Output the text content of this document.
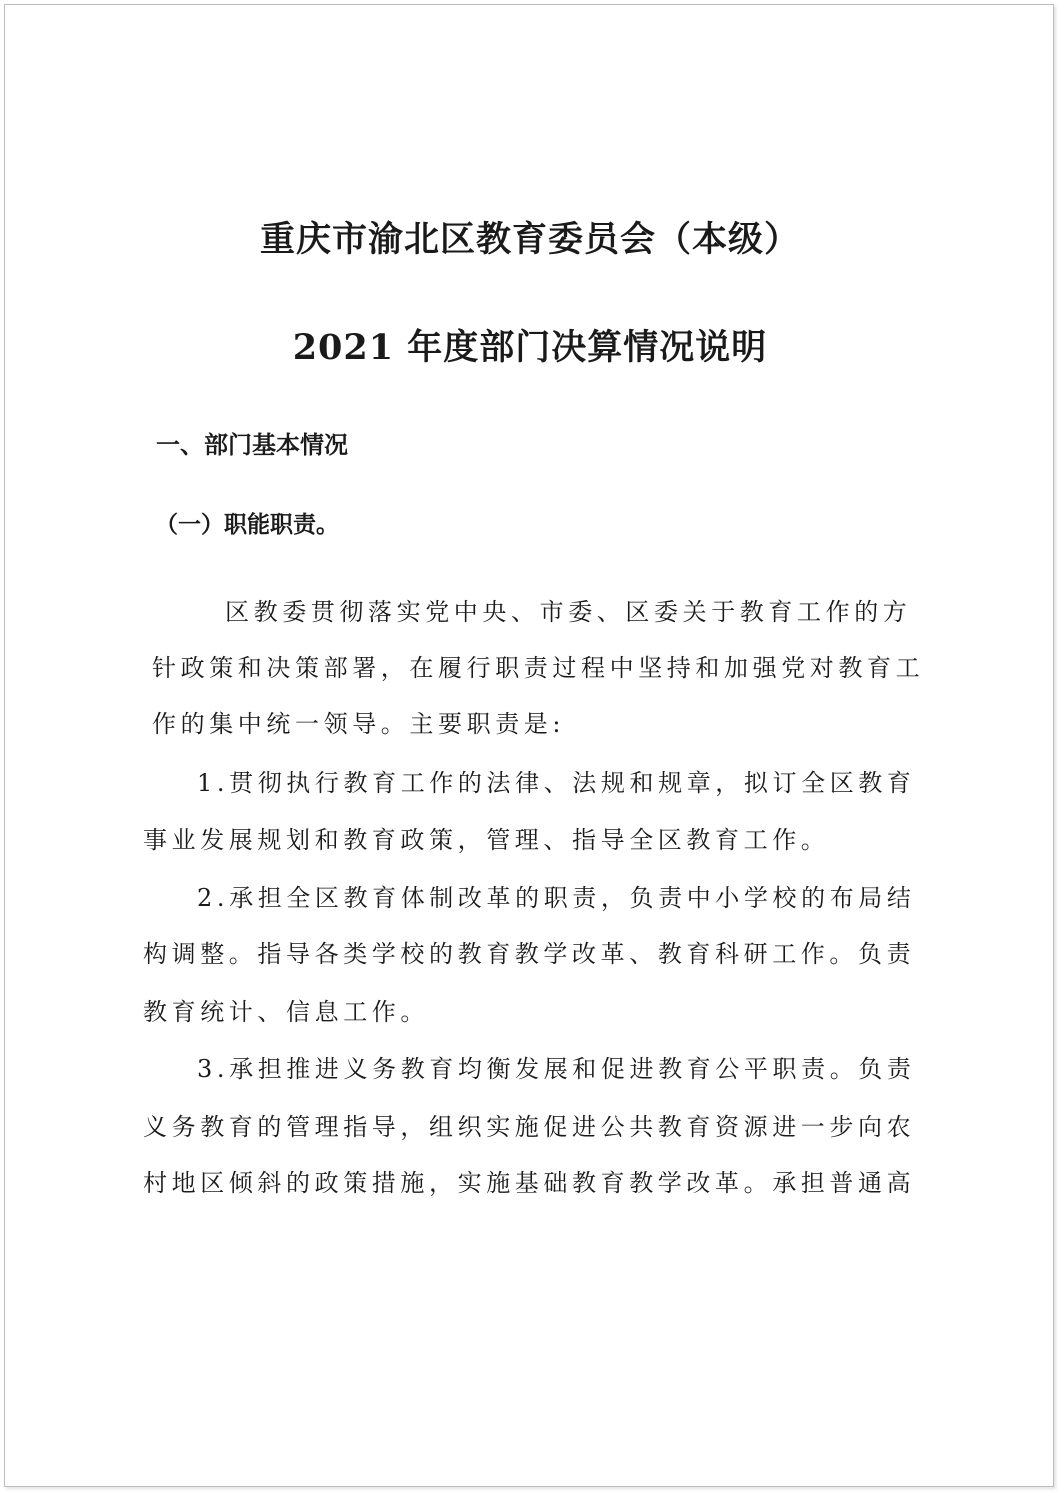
重庆市渝北区教育委员会（本级）
2021 年度部门决算情况说明
一、部门基本情况
（一）职能职责。
区教委贯彻落实党中央、市委、区委关于教育工作的方
针政策和决策部署，在履行职责过程中坚持和加强党对教育工
作的集中统一领导。主要职责是:
1.贯彻执行教育工作的法律、法规和规章，拟订全区教育
事业发展规划和教育政策，管理、指导全区教育工作。
2.承担全区教育体制改革的职责，负责中小学校的布局结
构调整。指导各类学校的教育教学改革、教育科研工作。负责
教育统计、信息工作。
3.承担推进义务教育均衡发展和促进教育公平职责。负责
义务教育的管理指导，组织实施促进公共教育资源进一步向农
村地区倾斜的政策措施，实施基础教育教学改革。承担普通高
